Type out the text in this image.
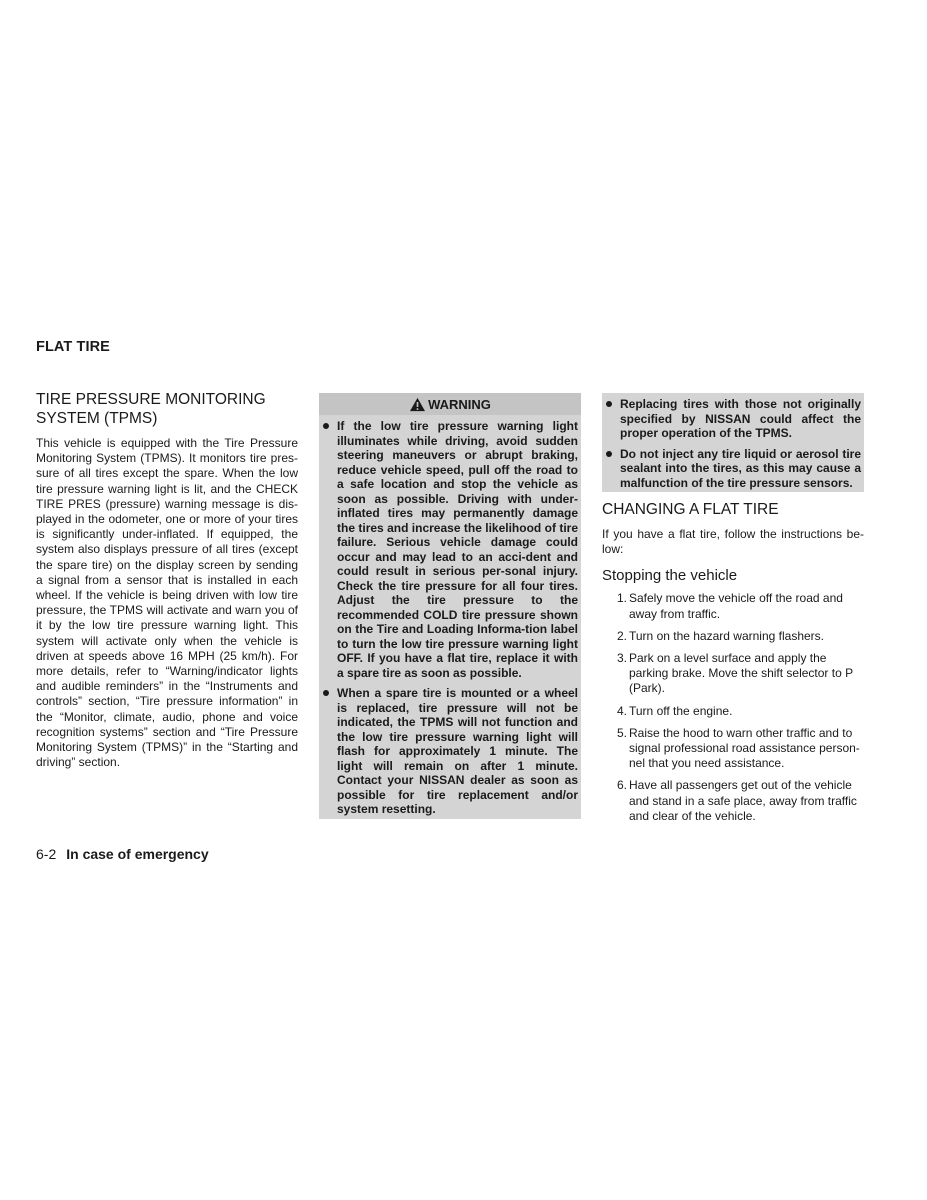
FLAT TIRE
TIRE PRESSURE MONITORING SYSTEM (TPMS)

This vehicle is equipped with the Tire Pressure Monitoring System (TPMS). It monitors tire pres-sure of all tires except the spare. When the low tire pressure warning light is lit, and the CHECK TIRE PRES (pressure) warning message is dis-played in the odometer, one or more of your tires is significantly under-inflated. If equipped, the system also displays pressure of all tires (except the spare tire) on the display screen by sending a signal from a sensor that is installed in each wheel. If the vehicle is being driven with low tire pressure, the TPMS will activate and warn you of it by the low tire pressure warning light. This system will activate only when the vehicle is driven at speeds above 16 MPH (25 km/h). For more details, refer to “Warning/indicator lights and audible reminders” in the “Instruments and controls” section, “Tire pressure information” in the “Monitor, climate, audio, phone and voice recognition systems” section and “Tire Pressure Monitoring System (TPMS)” in the “Starting and driving” section.

WARNING
If the low tire pressure warning light illuminates while driving, avoid sudden steering maneuvers or abrupt braking, reduce vehicle speed, pull off the road to a safe location and stop the vehicle as soon as possible. Driving with under-inflated tires may permanently damage the tires and increase the likelihood of tire failure. Serious vehicle damage could occur and may lead to an acci-dent and could result in serious per-sonal injury. Check the tire pressure for all four tires. Adjust the tire pressure to the recommended COLD tire pressure shown on the Tire and Loading Informa-tion label to turn the low tire pressure warning light OFF. If you have a flat tire, replace it with a spare tire as soon as possible.
When a spare tire is mounted or a wheel is replaced, tire pressure will not be indicated, the TPMS will not function and the low tire pressure warning light will flash for approximately 1 minute. The light will remain on after 1 minute. Contact your NISSAN dealer as soon as possible for tire replacement and/or system resetting.
Replacing tires with those not originally specified by NISSAN could affect the proper operation of the TPMS.
Do not inject any tire liquid or aerosol tire sealant into the tires, as this may cause a malfunction of the tire pressure sensors.
CHANGING A FLAT TIRE

If you have a flat tire, follow the instructions be-low:

Stopping the vehicle
1. Safely move the vehicle off the road and away from traffic.
2. Turn on the hazard warning flashers.
3. Park on a level surface and apply the parking brake. Move the shift selector to P (Park).
4. Turn off the engine.
5. Raise the hood to warn other traffic and to signal professional road assistance person-nel that you need assistance.
6. Have all passengers get out of the vehicle and stand in a safe place, away from traffic and clear of the vehicle.
6-2 In case of emergency
